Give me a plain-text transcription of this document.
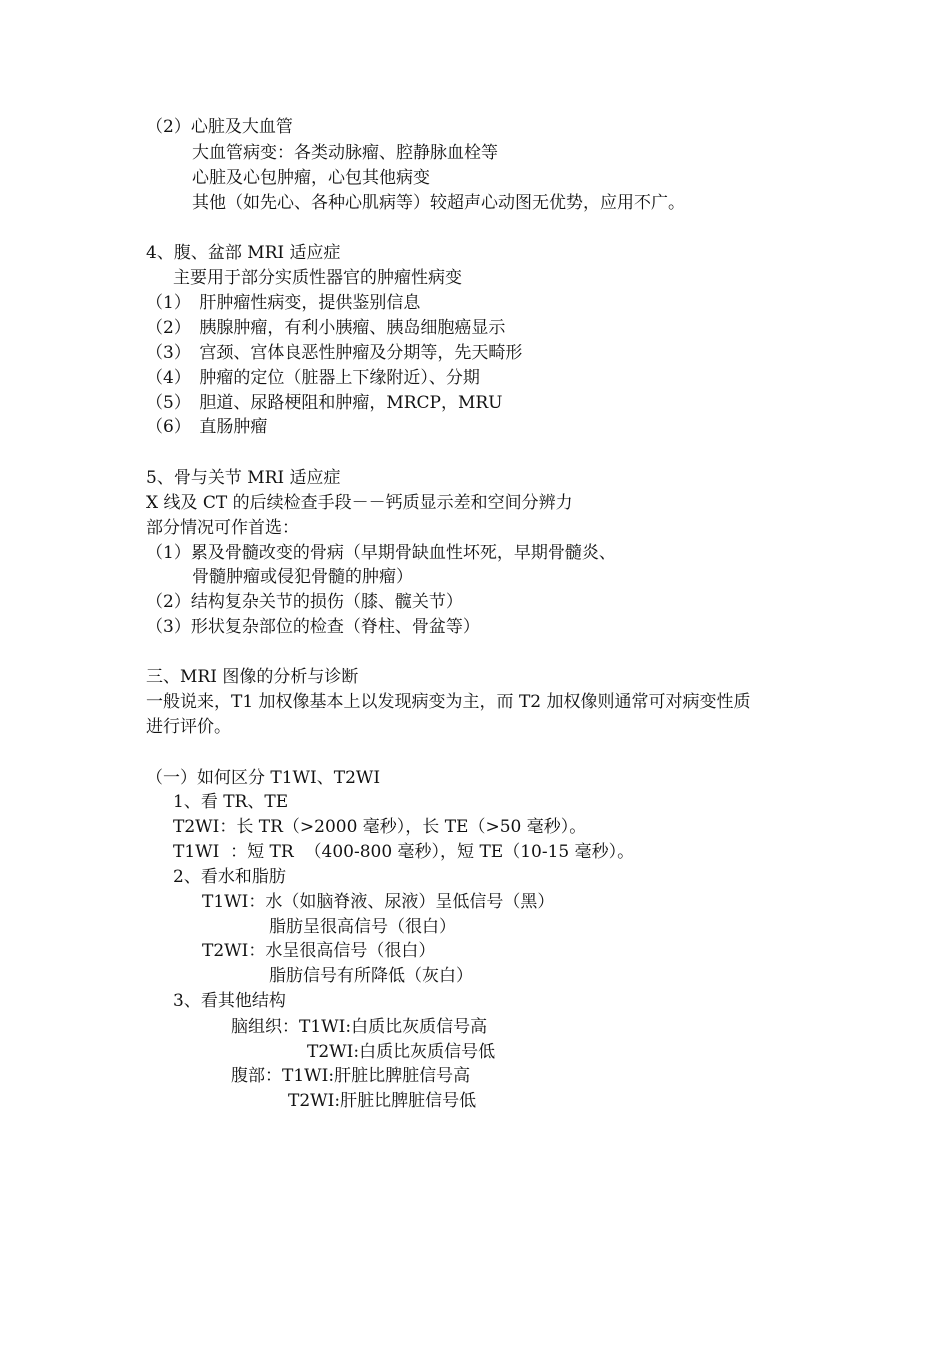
（2）心脏及大血管
大血管病变：各类动脉瘤、腔静脉血栓等
心脏及心包肿瘤，心包其他病变
其他（如先心、各种心肌病等）较超声心动图无优势，应用不广。
4、腹、盆部 MRI 适应症
主要用于部分实质性器官的肿瘤性病变
（1）　肝肿瘤性病变，提供鉴别信息
（2）　胰腺肿瘤，有利小胰瘤、胰岛细胞癌显示
（3）　宫颈、宫体良恶性肿瘤及分期等，先天畸形
（4）　肿瘤的定位（脏器上下缘附近）、分期
（5）　胆道、尿路梗阻和肿瘤，MRCP，MRU
（6）　直肠肿瘤
5、骨与关节 MRI 适应症
X 线及 CT 的后续检查手段－－钙质显示差和空间分辨力
部分情况可作首选：
（1）累及骨髓改变的骨病（早期骨缺血性坏死，早期骨髓炎、
骨髓肿瘤或侵犯骨髓的肿瘤）
（2）结构复杂关节的损伤（膝、髋关节）
（3）形状复杂部位的检查（脊柱、骨盆等）
三、MRI 图像的分析与诊断
一般说来，T1 加权像基本上以发现病变为主，而 T2 加权像则通常可对病变性质
进行评价。
（一）如何区分 T1WI、T2WI
1、看 TR、TE
T2WI：长 TR（>2000 毫秒），长 TE（>50 毫秒）。
T1WI  ：短 TR  （400-800 毫秒），短 TE（10-15 毫秒）。
2、看水和脂肪
T1WI：水（如脑脊液、尿液）呈低信号（黑）
脂肪呈很高信号（很白）
T2WI：水呈很高信号（很白）
脂肪信号有所降低（灰白）
3、看其他结构
脑组织：T1WI:白质比灰质信号高
T2WI:白质比灰质信号低
腹部：T1WI:肝脏比脾脏信号高
T2WI:肝脏比脾脏信号低
